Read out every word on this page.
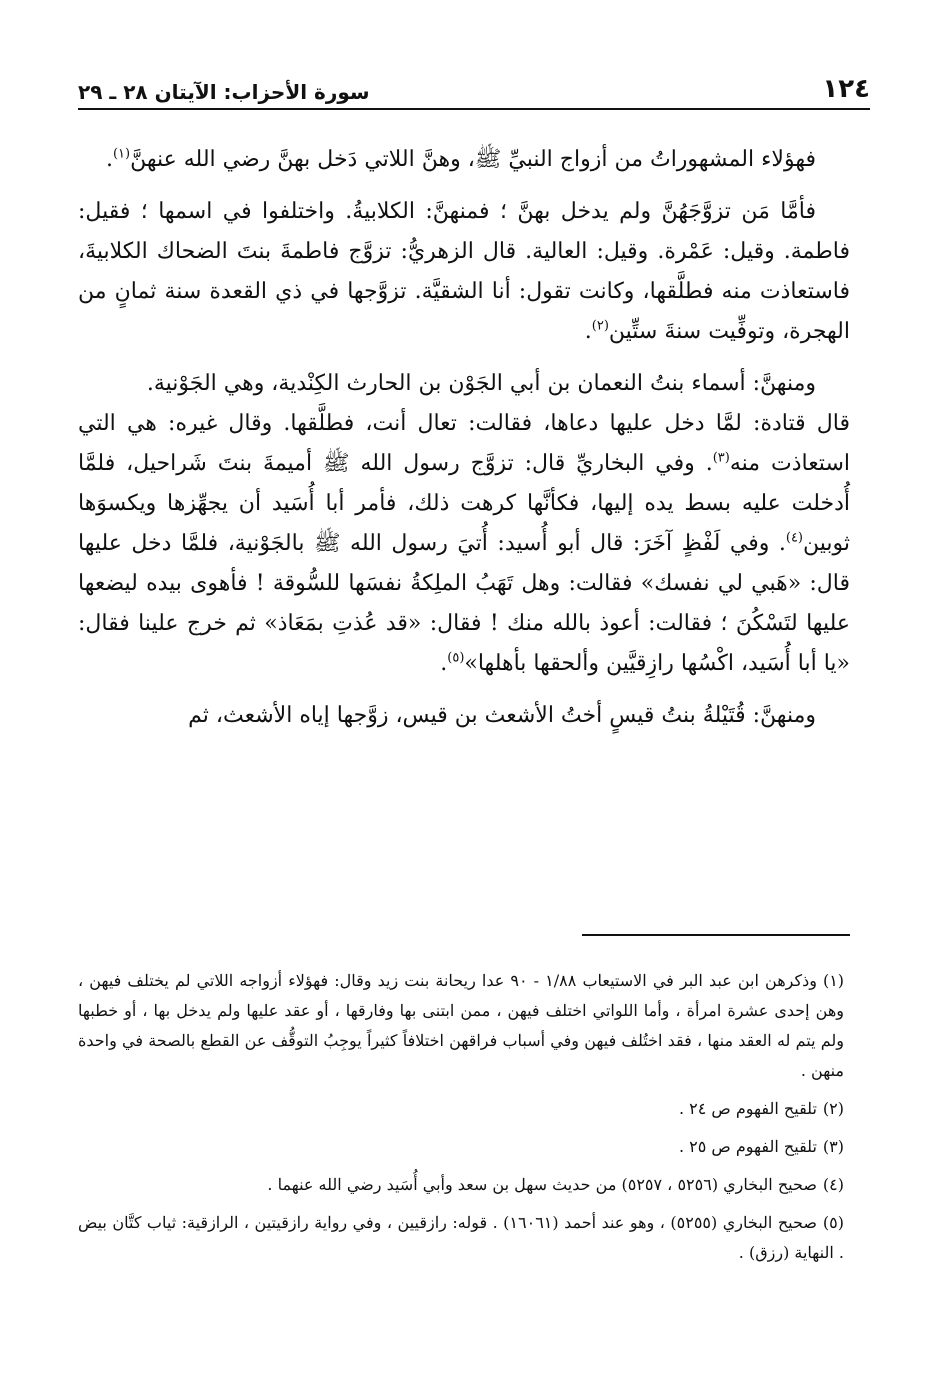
سورة الأحزاب: الآيتان ٢٨ ـ ٢٩	١٢٤

فهؤلاء المشهوراتُ من أزواج النبيِّ ﷺ، وهنَّ اللاتي دَخل بهنَّ رضي الله عنهنَّ$^{(١)}$.

فأمَّا مَن تزوَّجَهُنَّ ولم يدخل بهنَّ ؛ فمنهنَّ: الكلابيةُ. واختلفوا في اسمها ؛ فقيل: فاطمة. وقيل: عَمْرة. وقيل: العالية. قال الزهريُّ: تزوَّج فاطمةَ بنتَ الضحاك الكلابيةَ، فاستعاذت منه فطلَّقها، وكانت تقول: أنا الشقيَّة. تزوَّجها في ذي القعدة سنة ثمانٍ من الهجرة، وتوفِّيت سنةَ ستِّين$^{(٢)}$.

ومنهنَّ: أسماء بنتُ النعمان بن أبي الجَوْن بن الحارث الكِنْدية، وهي الجَوْنية.

قال قتادة: لمَّا دخل عليها دعاها، فقالت: تعال أنت، فطلَّقها. وقال غيره: هي التي استعاذت منه$^{(٣)}$. وفي البخاريِّ قال: تزوَّج رسول الله ﷺ أميمةَ بنتَ شَراحيل، فلمَّا أُدخلت عليه بسط يده إليها، فكأنَّها كرهت ذلك، فأمر أبا أُسَيد أن يجهِّزها ويكسوَها ثوبين$^{(٤)}$. وفي لَفْظٍ آخَرَ: قال أبو أُسيد: أُتيَ رسول الله ﷺ بالجَوْنية، فلمَّا دخل عليها قال: «هَبي لي نفسك» فقالت: وهل تَهَبُ الملِكةُ نفسَها للسُّوقة ! فأهوى بيده ليضعها عليها لتَسْكُنَ ؛ فقالت: أعوذ بالله منك ! فقال: «قد عُذتِ بمَعَاذ» ثم خرج علينا فقال: «يا أبا أُسَيد، اكْسُها رازِقيَّين وألحقها بأهلها»$^{(٥)}$.

ومنهنَّ: قُتَيْلةُ بنتُ قيسٍ أختُ الأشعث بن قيس، زوَّجها إياه الأشعث، ثم

(١)وذكرهن ابن عبد البر في الاستيعاب ١/٨٨ - ٩٠ عدا ريحانة بنت زيد وقال: فهؤلاء أزواجه اللاتي لم يختلف فيهن ، وهن إحدى عشرة امرأة ، وأما اللواتي اختلف فيهن ، ممن ابتنى بها وفارقها ، أو عقد عليها ولم يدخل بها ، أو خطبها ولم يتم له العقد منها ، فقد اختُلف فيهن وفي أسباب فراقهن اختلافاً كثيراً يوجِبُ التوقُّف عن القطع بالصحة في واحدة منهن .
(٢)تلقيح الفهوم ص ٢٤ .
(٣)تلقيح الفهوم ص ٢٥ .
(٤)صحيح البخاري (٥٢٥٦ ، ٥٢٥٧) من حديث سهل بن سعد وأبي أُسَيد رضي الله عنهما .
(٥)صحيح البخاري (٥٢٥٥) ، وهو عند أحمد (١٦٠٦١) . قوله: رازقيين ، وفي رواية رازقيتين ، الرازقية: ثياب كتَّان بيض . النهاية (رزق) .
